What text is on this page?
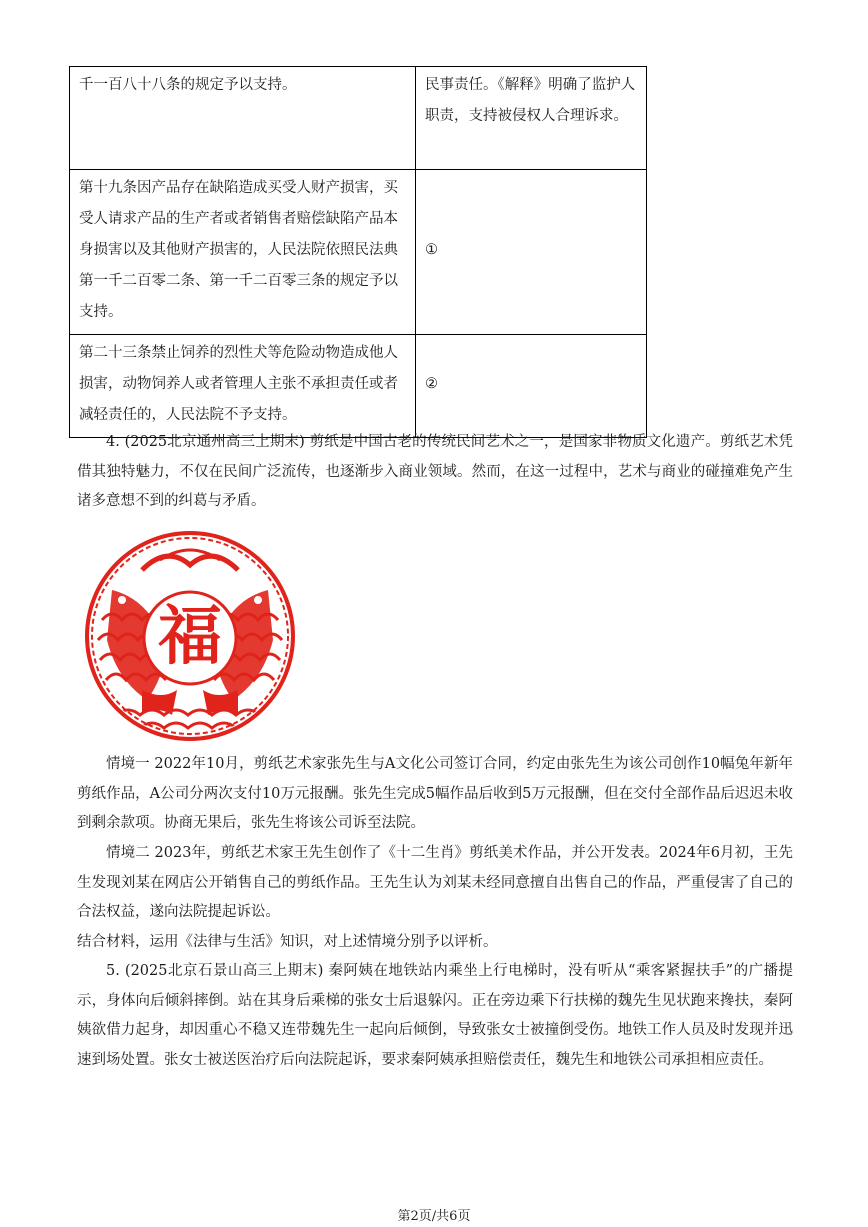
千一百八十八条的规定予以支持。	民事责任。《解释》明确了监护人职责，支持被侵权人合理诉求。
第十九条因产品存在缺陷造成买受人财产损害，买受人请求产品的生产者或者销售者赔偿缺陷产品本身损害以及其他财产损害的，人民法院依照民法典第一千二百零二条、第一千二百零三条的规定予以支持。	①
第二十三条禁止饲养的烈性犬等危险动物造成他人损害，动物饲养人或者管理人主张不承担责任或者减轻责任的，人民法院不予支持。	②
4. (2025北京通州高三上期末) 剪纸是中国古老的传统民间艺术之一，是国家非物质文化遗产。剪纸艺术凭借其独特魅力，不仅在民间广泛流传，也逐渐步入商业领域。然而，在这一过程中，艺术与商业的碰撞难免产生诸多意想不到的纠葛与矛盾。
福
情境一 2022年10月，剪纸艺术家张先生与A文化公司签订合同，约定由张先生为该公司创作10幅兔年新年剪纸作品，A公司分两次支付10万元报酬。张先生完成5幅作品后收到5万元报酬，但在交付全部作品后迟迟未收到剩余款项。协商无果后，张先生将该公司诉至法院。
情境二 2023年，剪纸艺术家王先生创作了《十二生肖》剪纸美术作品，并公开发表。2024年6月初，王先生发现刘某在网店公开销售自己的剪纸作品。王先生认为刘某未经同意擅自出售自己的作品，严重侵害了自己的合法权益，遂向法院提起诉讼。
结合材料，运用《法律与生活》知识，对上述情境分别予以评析。
5. (2025北京石景山高三上期末) 秦阿姨在地铁站内乘坐上行电梯时，没有听从“乘客紧握扶手”的广播提示，身体向后倾斜摔倒。站在其身后乘梯的张女士后退躲闪。正在旁边乘下行扶梯的魏先生见状跑来搀扶，秦阿姨欲借力起身，却因重心不稳又连带魏先生一起向后倾倒，导致张女士被撞倒受伤。地铁工作人员及时发现并迅速到场处置。张女士被送医治疗后向法院起诉，要求秦阿姨承担赔偿责任，魏先生和地铁公司承担相应责任。
第2页/共6页
